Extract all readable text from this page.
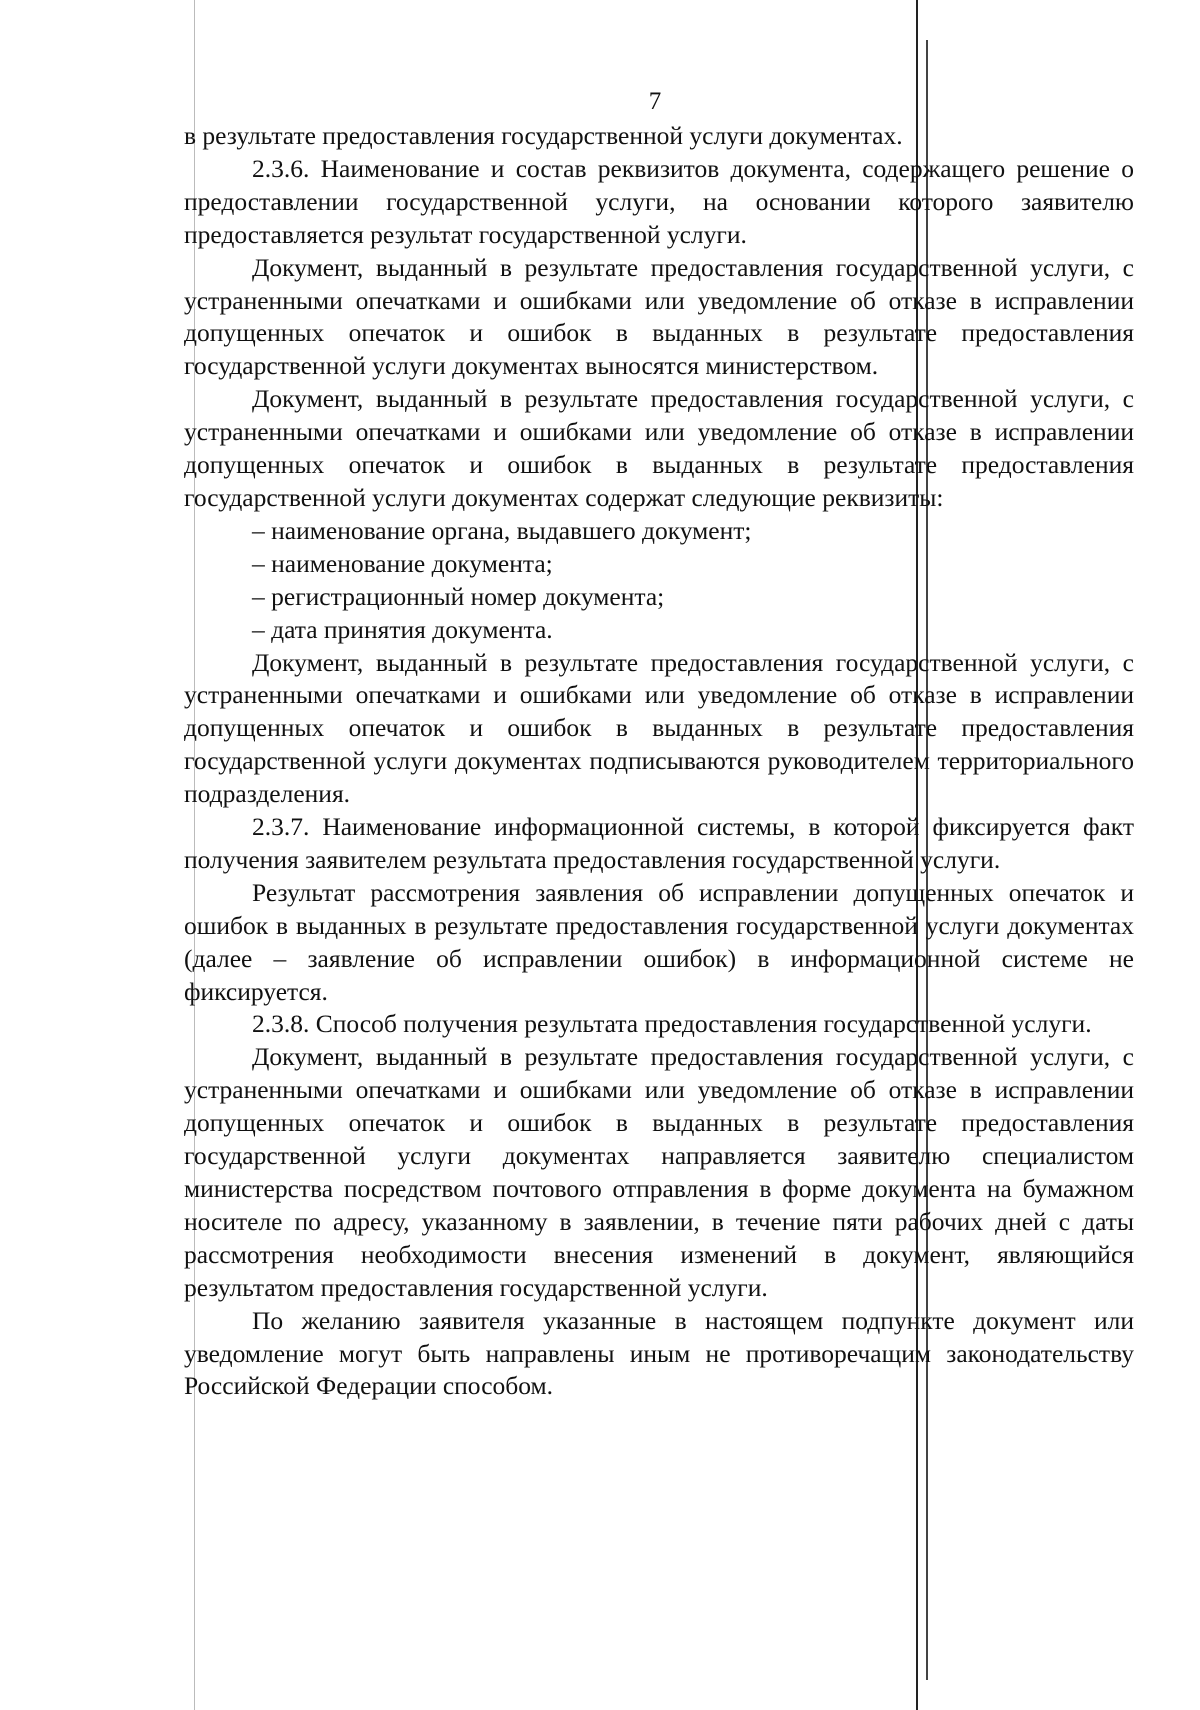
7

в результате предоставления государственной услуги документах.

2.3.6. Наименование и состав реквизитов документа, содержащего решение о предоставлении государственной услуги, на основании которого заявителю предоставляется результат государственной услуги.

Документ, выданный в результате предоставления государственной услуги, с устраненными опечатками и ошибками или уведомление об отказе в исправлении допущенных опечаток и ошибок в выданных в результате предоставления государственной услуги документах выносятся министерством.

Документ, выданный в результате предоставления государственной услуги, с устраненными опечатками и ошибками или уведомление об отказе в исправлении допущенных опечаток и ошибок в выданных в результате предоставления государственной услуги документах содержат следующие реквизиты:

– наименование органа, выдавшего документ;

– наименование документа;

– регистрационный номер документа;

– дата принятия документа.

Документ, выданный в результате предоставления государственной услуги, с устраненными опечатками и ошибками или уведомление об отказе в исправлении допущенных опечаток и ошибок в выданных в результате предоставления государственной услуги документах подписываются руководителем территориального подразделения.

2.3.7. Наименование информационной системы, в которой фиксируется факт получения заявителем результата предоставления государственной услуги.

Результат рассмотрения заявления об исправлении допущенных опечаток и ошибок в выданных в результате предоставления государственной услуги документах (далее – заявление об исправлении ошибок) в информационной системе не фиксируется.

2.3.8. Способ получения результата предоставления государственной услуги.

Документ, выданный в результате предоставления государственной услуги, с устраненными опечатками и ошибками или уведомление об отказе в исправлении допущенных опечаток и ошибок в выданных в результате предоставления государственной услуги документах направляется заявителю специалистом министерства посредством почтового отправления в форме документа на бумажном носителе по адресу, указанному в заявлении, в течение пяти рабочих дней с даты рассмотрения необходимости внесения изменений в документ, являющийся результатом предоставления государственной услуги.

По желанию заявителя указанные в настоящем подпункте документ или уведомление могут быть направлены иным не противоречащим законодательству Российской Федерации способом.
